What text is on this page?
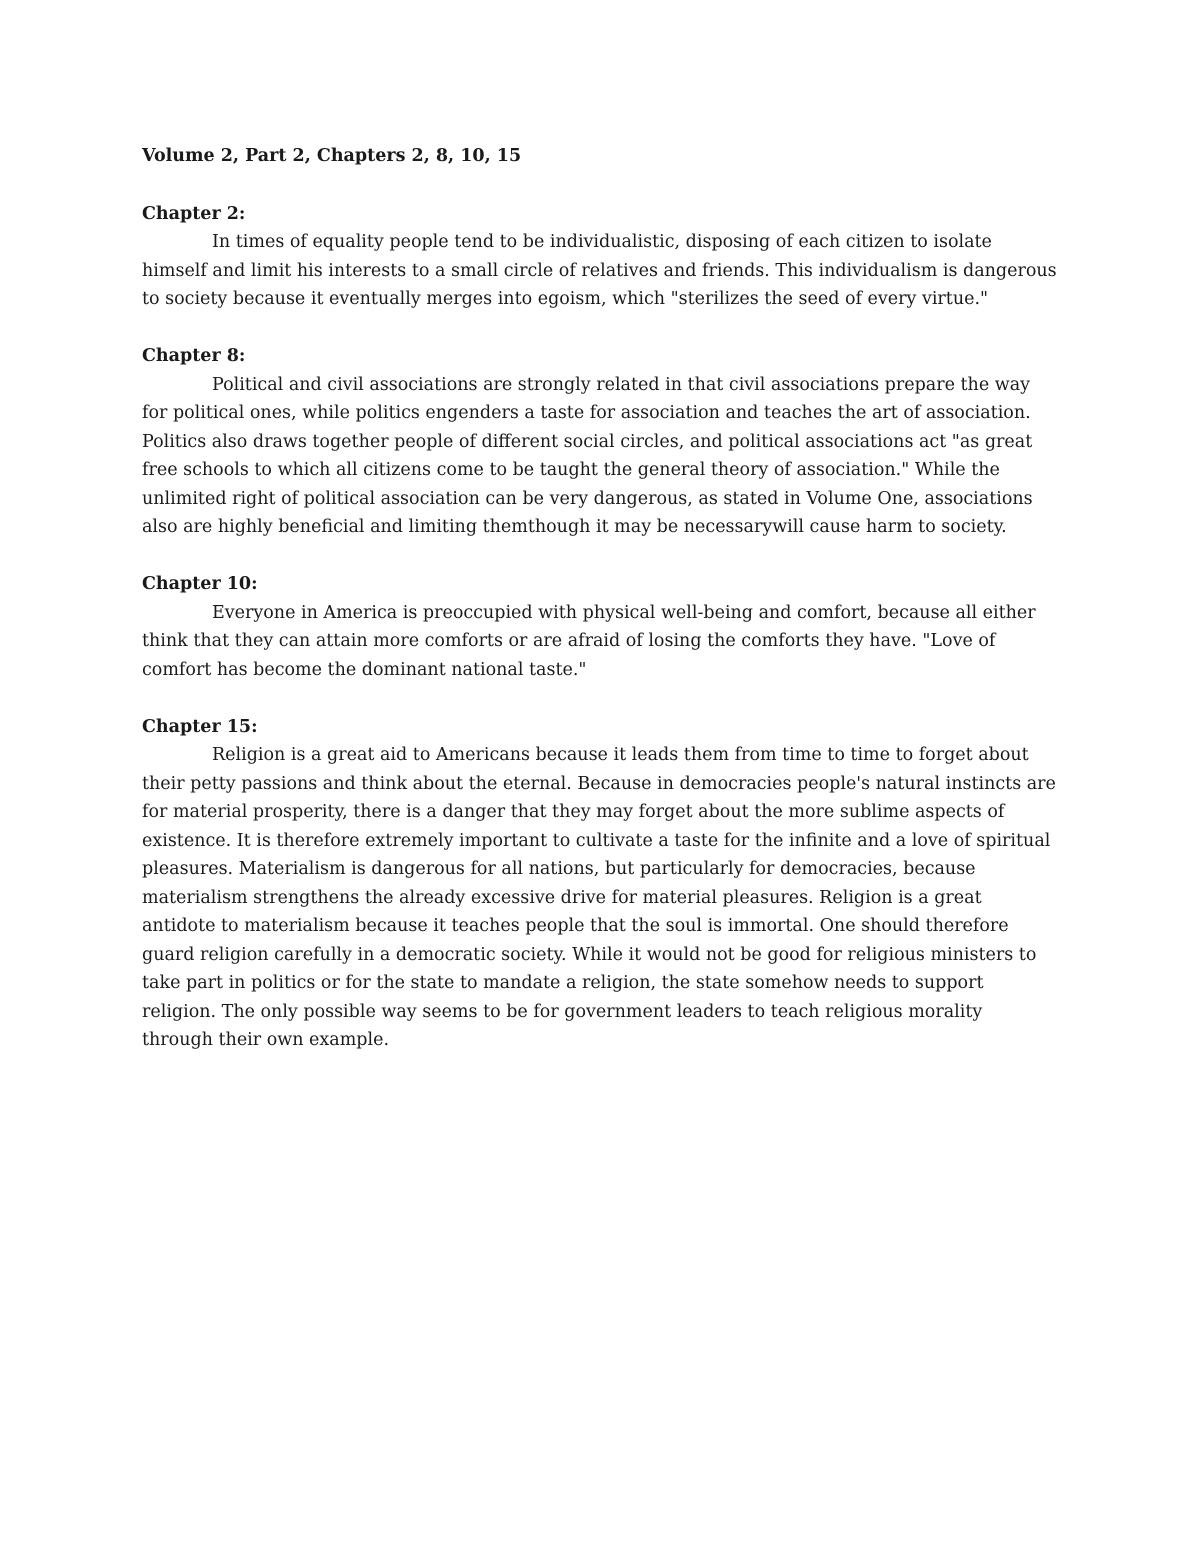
Volume 2, Part 2, Chapters 2, 8, 10, 15

Chapter 2:

In times of equality people tend to be individualistic, disposing of each citizen to isolate himself and limit his interests to a small circle of relatives and friends. This individualism is dangerous to society because it eventually merges into egoism, which "sterilizes the seed of every virtue."

Chapter 8:

Political and civil associations are strongly related in that civil associations prepare the way for political ones, while politics engenders a taste for association and teaches the art of association. Politics also draws together people of different social circles, and political associations act "as great free schools to which all citizens come to be taught the general theory of association." While the unlimited right of political association can be very dangerous, as stated in Volume One, associations also are highly beneficial and limiting themthough it may be necessarywill cause harm to society.

Chapter 10:

Everyone in America is preoccupied with physical well-being and comfort, because all either think that they can attain more comforts or are afraid of losing the comforts they have. "Love of comfort has become the dominant national taste."

Chapter 15:

Religion is a great aid to Americans because it leads them from time to time to forget about their petty passions and think about the eternal. Because in democracies people's natural instincts are for material prosperity, there is a danger that they may forget about the more sublime aspects of existence. It is therefore extremely important to cultivate a taste for the infinite and a love of spiritual pleasures. Materialism is dangerous for all nations, but particularly for democracies, because materialism strengthens the already excessive drive for material pleasures. Religion is a great antidote to materialism because it teaches people that the soul is immortal. One should therefore guard religion carefully in a democratic society. While it would not be good for religious ministers to take part in politics or for the state to mandate a religion, the state somehow needs to support religion. The only possible way seems to be for government leaders to teach religious morality through their own example.
